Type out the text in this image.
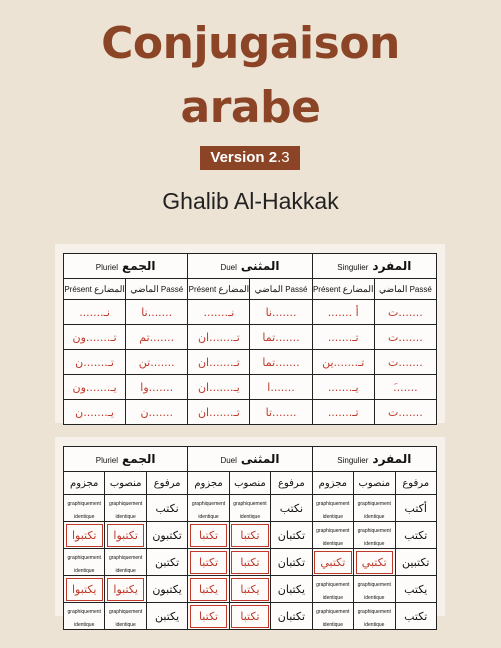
Conjugaison
arabe
Version 2.3
Ghalib Al-Hakkak
Pluriel الجمع		Duel المثنى		Singulier المفرد	
Présent المضارع	الماضي Passé	Présent المضارع	الماضي Passé	Présent المضارع	الماضي Passé
نـ.......	.......نا	نـ.......	.......نا	أ .......	.......ت
تـ.......ون	.......تم	تـ.......ان	.......تما	تـ.......	.......ت
تـ.......ن	.......تن	تـ.......ان	.......تما	تـ.......ين	.......ت
يـ.......ون	.......وا	يـ.......ان	.......ا	يـ.......	.......َ
يـ.......ن	.......ن	تـ.......ان	.......تا	تـ.......	.......ت
Pluriel الجمع			Duel المثنى			Singulier المفرد		
مجزوم	منصوب	مرفوع	مجزوم	منصوب	مرفوع	مجزوم	منصوب	مرفوع
graphiquement identique	graphiquement identique	نكتب	graphiquement identique	graphiquement identique	نكتب	graphiquement identique	graphiquement identique	أكتب
تكتبوا	تكتبوا	تكتبون	تكتبا	تكتبا	تكتبان	graphiquement identique	graphiquement identique	تكتب
graphiquement identique	graphiquement identique	تكتبن	تكتبا	تكتبا	تكتبان	تكتبي	تكتبي	تكتبين
يكتبوا	يكتبوا	يكتبون	يكتبا	يكتبا	يكتبان	graphiquement identique	graphiquement identique	يكتب
graphiquement identique	graphiquement identique	يكتبن	تكتبا	تكتبا	تكتبان	graphiquement identique	graphiquement identique	تكتب
